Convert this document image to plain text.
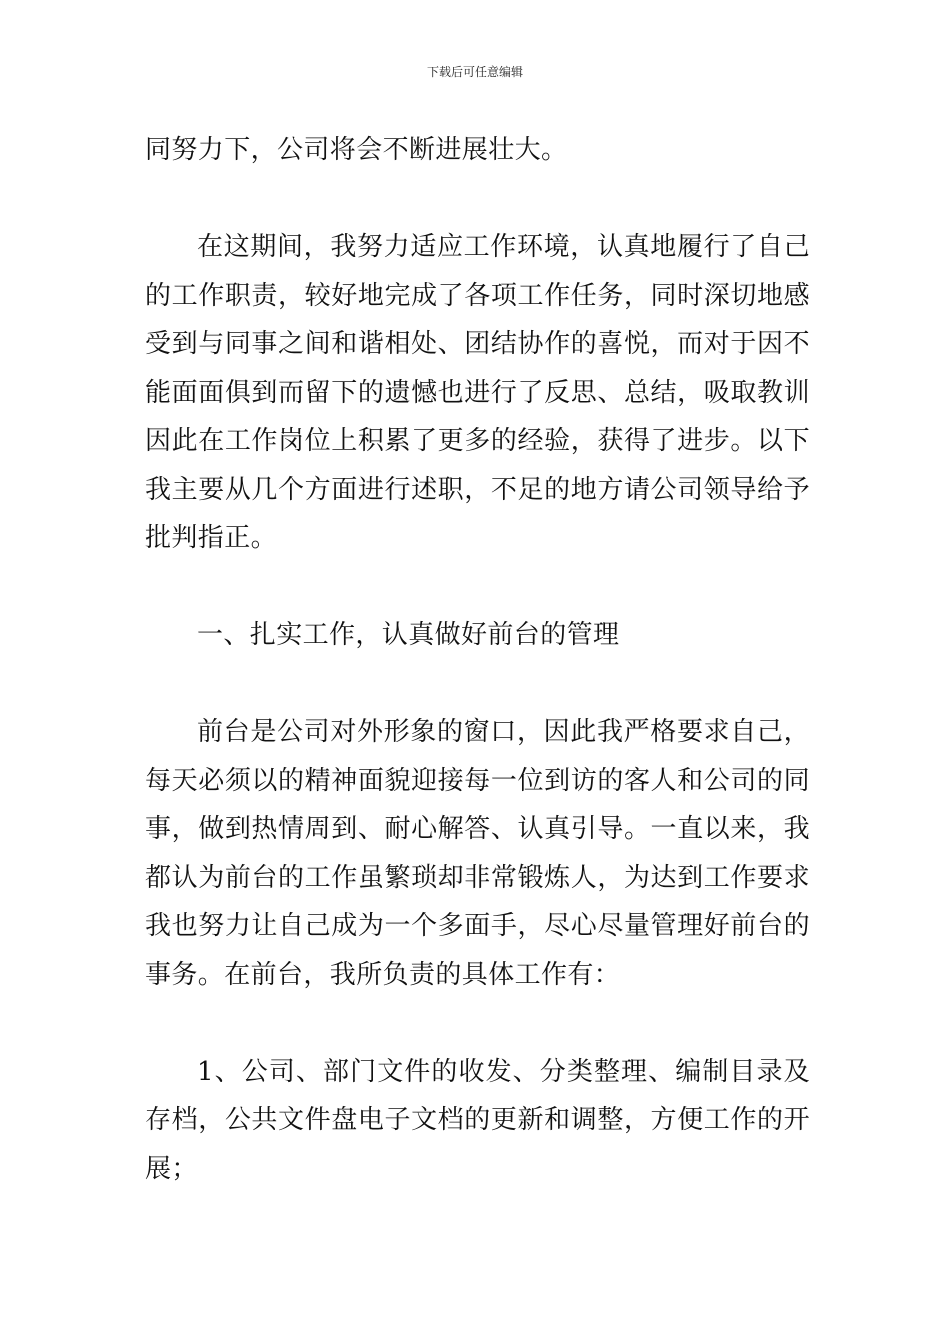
下载后可任意编辑

同努力下，公司将会不断进展壮大。

在这期间，我努力适应工作环境，认真地履行了自己的工作职责，较好地完成了各项工作任务，同时深切地感受到与同事之间和谐相处、团结协作的喜悦，而对于因不能面面俱到而留下的遗憾也进行了反思、总结，吸取教训因此在工作岗位上积累了更多的经验，获得了进步。以下我主要从几个方面进行述职，不足的地方请公司领导给予批判指正。

一、扎实工作，认真做好前台的管理

前台是公司对外形象的窗口，因此我严格要求自己，每天必须以的精神面貌迎接每一位到访的客人和公司的同事，做到热情周到、耐心解答、认真引导。一直以来，我都认为前台的工作虽繁琐却非常锻炼人，为达到工作要求我也努力让自己成为一个多面手，尽心尽量管理好前台的事务。在前台，我所负责的具体工作有：

1、公司、部门文件的收发、分类整理、编制目录及存档，公共文件盘电子文档的更新和调整，方便工作的开展；
